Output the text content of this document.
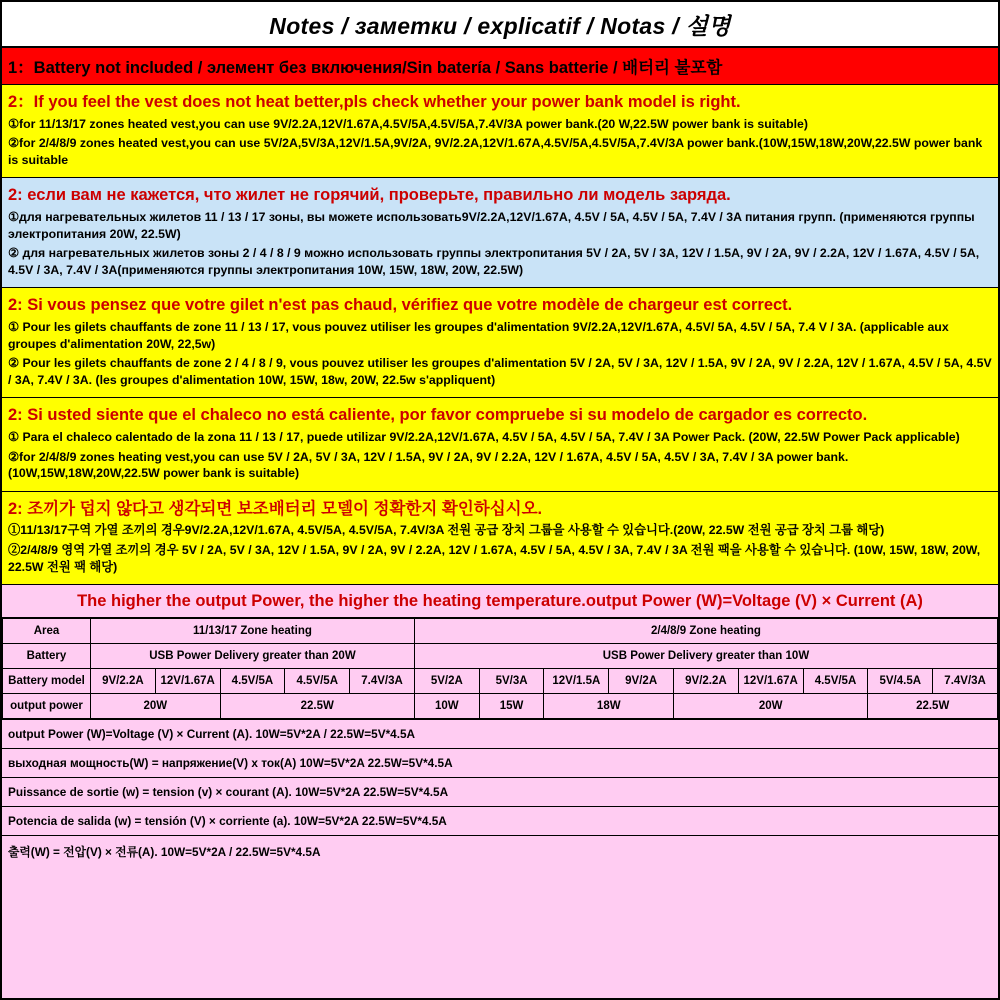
Notes / заметки / explicatif / Notas / 설명
1：Battery not included / элемент без включения/Sin batería / Sans batterie / 배터리 불포함
2：If you feel the vest does not heat better,pls check whether your power bank model is right.
①for 11/13/17 zones heated vest,you can use 9V/2.2A,12V/1.67A,4.5V/5A,4.5V/5A,7.4V/3A power bank.(20 W,22.5W power bank is suitable)
②for 2/4/8/9 zones heated vest,you can use 5V/2A,5V/3A,12V/1.5A,9V/2A, 9V/2.2A,12V/1.67A,4.5V/5A,4.5V/5A,7.4V/3A power bank.(10W,15W,18W,20W,22.5W power bank is suitable
2: если вам не кажется, что жилет не горячий, проверьте, правильно ли модель заряда.
①для нагревательных жилетов 11 / 13 / 17 зоны, вы можете использовать9V/2.2A,12V/1.67A, 4.5V / 5A, 4.5V / 5A, 7.4V / 3A питания групп. (применяются группы электропитания 20W, 22.5W)
② для нагревательных жилетов зоны 2 / 4 / 8 / 9 можно использовать группы электропитания 5V / 2A, 5V / 3A, 12V / 1.5A, 9V / 2A, 9V / 2.2A, 12V / 1.67A, 4.5V / 5A, 4.5V / 3A, 7.4V / 3A(применяются группы электропитания 10W, 15W, 18W, 20W, 22.5W)
2: Si vous pensez que votre gilet n'est pas chaud, vérifiez que votre modèle de chargeur est correct.
① Pour les gilets chauffants de zone 11 / 13 / 17, vous pouvez utiliser les groupes d'alimentation 9V/2.2A,12V/1.67A, 4.5V/ 5A, 4.5V / 5A, 7.4 V / 3A. (applicable aux groupes d'alimentation 20W, 22,5w)
② Pour les gilets chauffants de zone 2 / 4 / 8 / 9, vous pouvez utiliser les groupes d'alimentation 5V / 2A, 5V / 3A, 12V / 1.5A, 9V / 2A, 9V / 2.2A, 12V / 1.67A, 4.5V / 5A, 4.5V / 3A, 7.4V / 3A. (les groupes d'alimentation 10W, 15W, 18w, 20W, 22.5w s'appliquent)
2: Si usted siente que el chaleco no está caliente, por favor compruebe si su modelo de cargador es correcto.
① Para el chaleco calentado de la zona 11 / 13 / 17, puede utilizar 9V/2.2A,12V/1.67A, 4.5V / 5A, 4.5V / 5A, 7.4V / 3A Power Pack. (20W, 22.5W Power Pack applicable)
②for 2/4/8/9 zones heating vest,you can use 5V / 2A, 5V / 3A, 12V / 1.5A, 9V / 2A, 9V / 2.2A, 12V / 1.67A, 4.5V / 5A, 4.5V / 3A, 7.4V / 3A power bank.(10W,15W,18W,20W,22.5W power bank is suitable)
2: 조끼가 덥지 않다고 생각되면 보조배터리 모델이 정확한지 확인하십시오.
①11/13/17구역 가열 조끼의 경우9V/2.2A,12V/1.67A, 4.5V/5A, 4.5V/5A, 7.4V/3A 전원 공급 장치 그룹을 사용할 수 있습니다.(20W, 22.5W 전원 공급 장치 그룹 해당)
②2/4/8/9 영역 가열 조끼의 경우 5V / 2A, 5V / 3A, 12V / 1.5A, 9V / 2A, 9V / 2.2A, 12V / 1.67A, 4.5V / 5A, 4.5V / 3A, 7.4V / 3A 전원 팩을 사용할 수 있습니다. (10W, 15W, 18W, 20W, 22.5W 전원 팩 해당)
The higher the output Power, the higher the heating temperature.output Power (W)=Voltage (V) × Current (A)
Area	11/13/17 Zone heating					2/4/8/9 Zone heating								
Battery	USB Power Delivery greater than 20W					USB Power Delivery greater than 10W								
Battery model	9V/2.2A	12V/1.67A	4.5V/5A	4.5V/5A	7.4V/3A	5V/2A	5V/3A	12V/1.5A	9V/2A	9V/2.2A	12V/1.67A	4.5V/5A	5V/4.5A	7.4V/3A
output power	20W		22.5W			10W	15W	18W		20W			22.5W	
output Power (W)=Voltage (V) × Current (A). 10W=5V*2A / 22.5W=5V*4.5A
выходная мощность(W) = напряжение(V) x ток(A) 10W=5V*2A 22.5W=5V*4.5A
Puissance de sortie (w) = tension (v) × courant (A). 10W=5V*2A 22.5W=5V*4.5A
Potencia de salida (w) = tensión (V) × corriente (a). 10W=5V*2A 22.5W=5V*4.5A
출력(W) = 전압(V) × 전류(A). 10W=5V*2A / 22.5W=5V*4.5A
